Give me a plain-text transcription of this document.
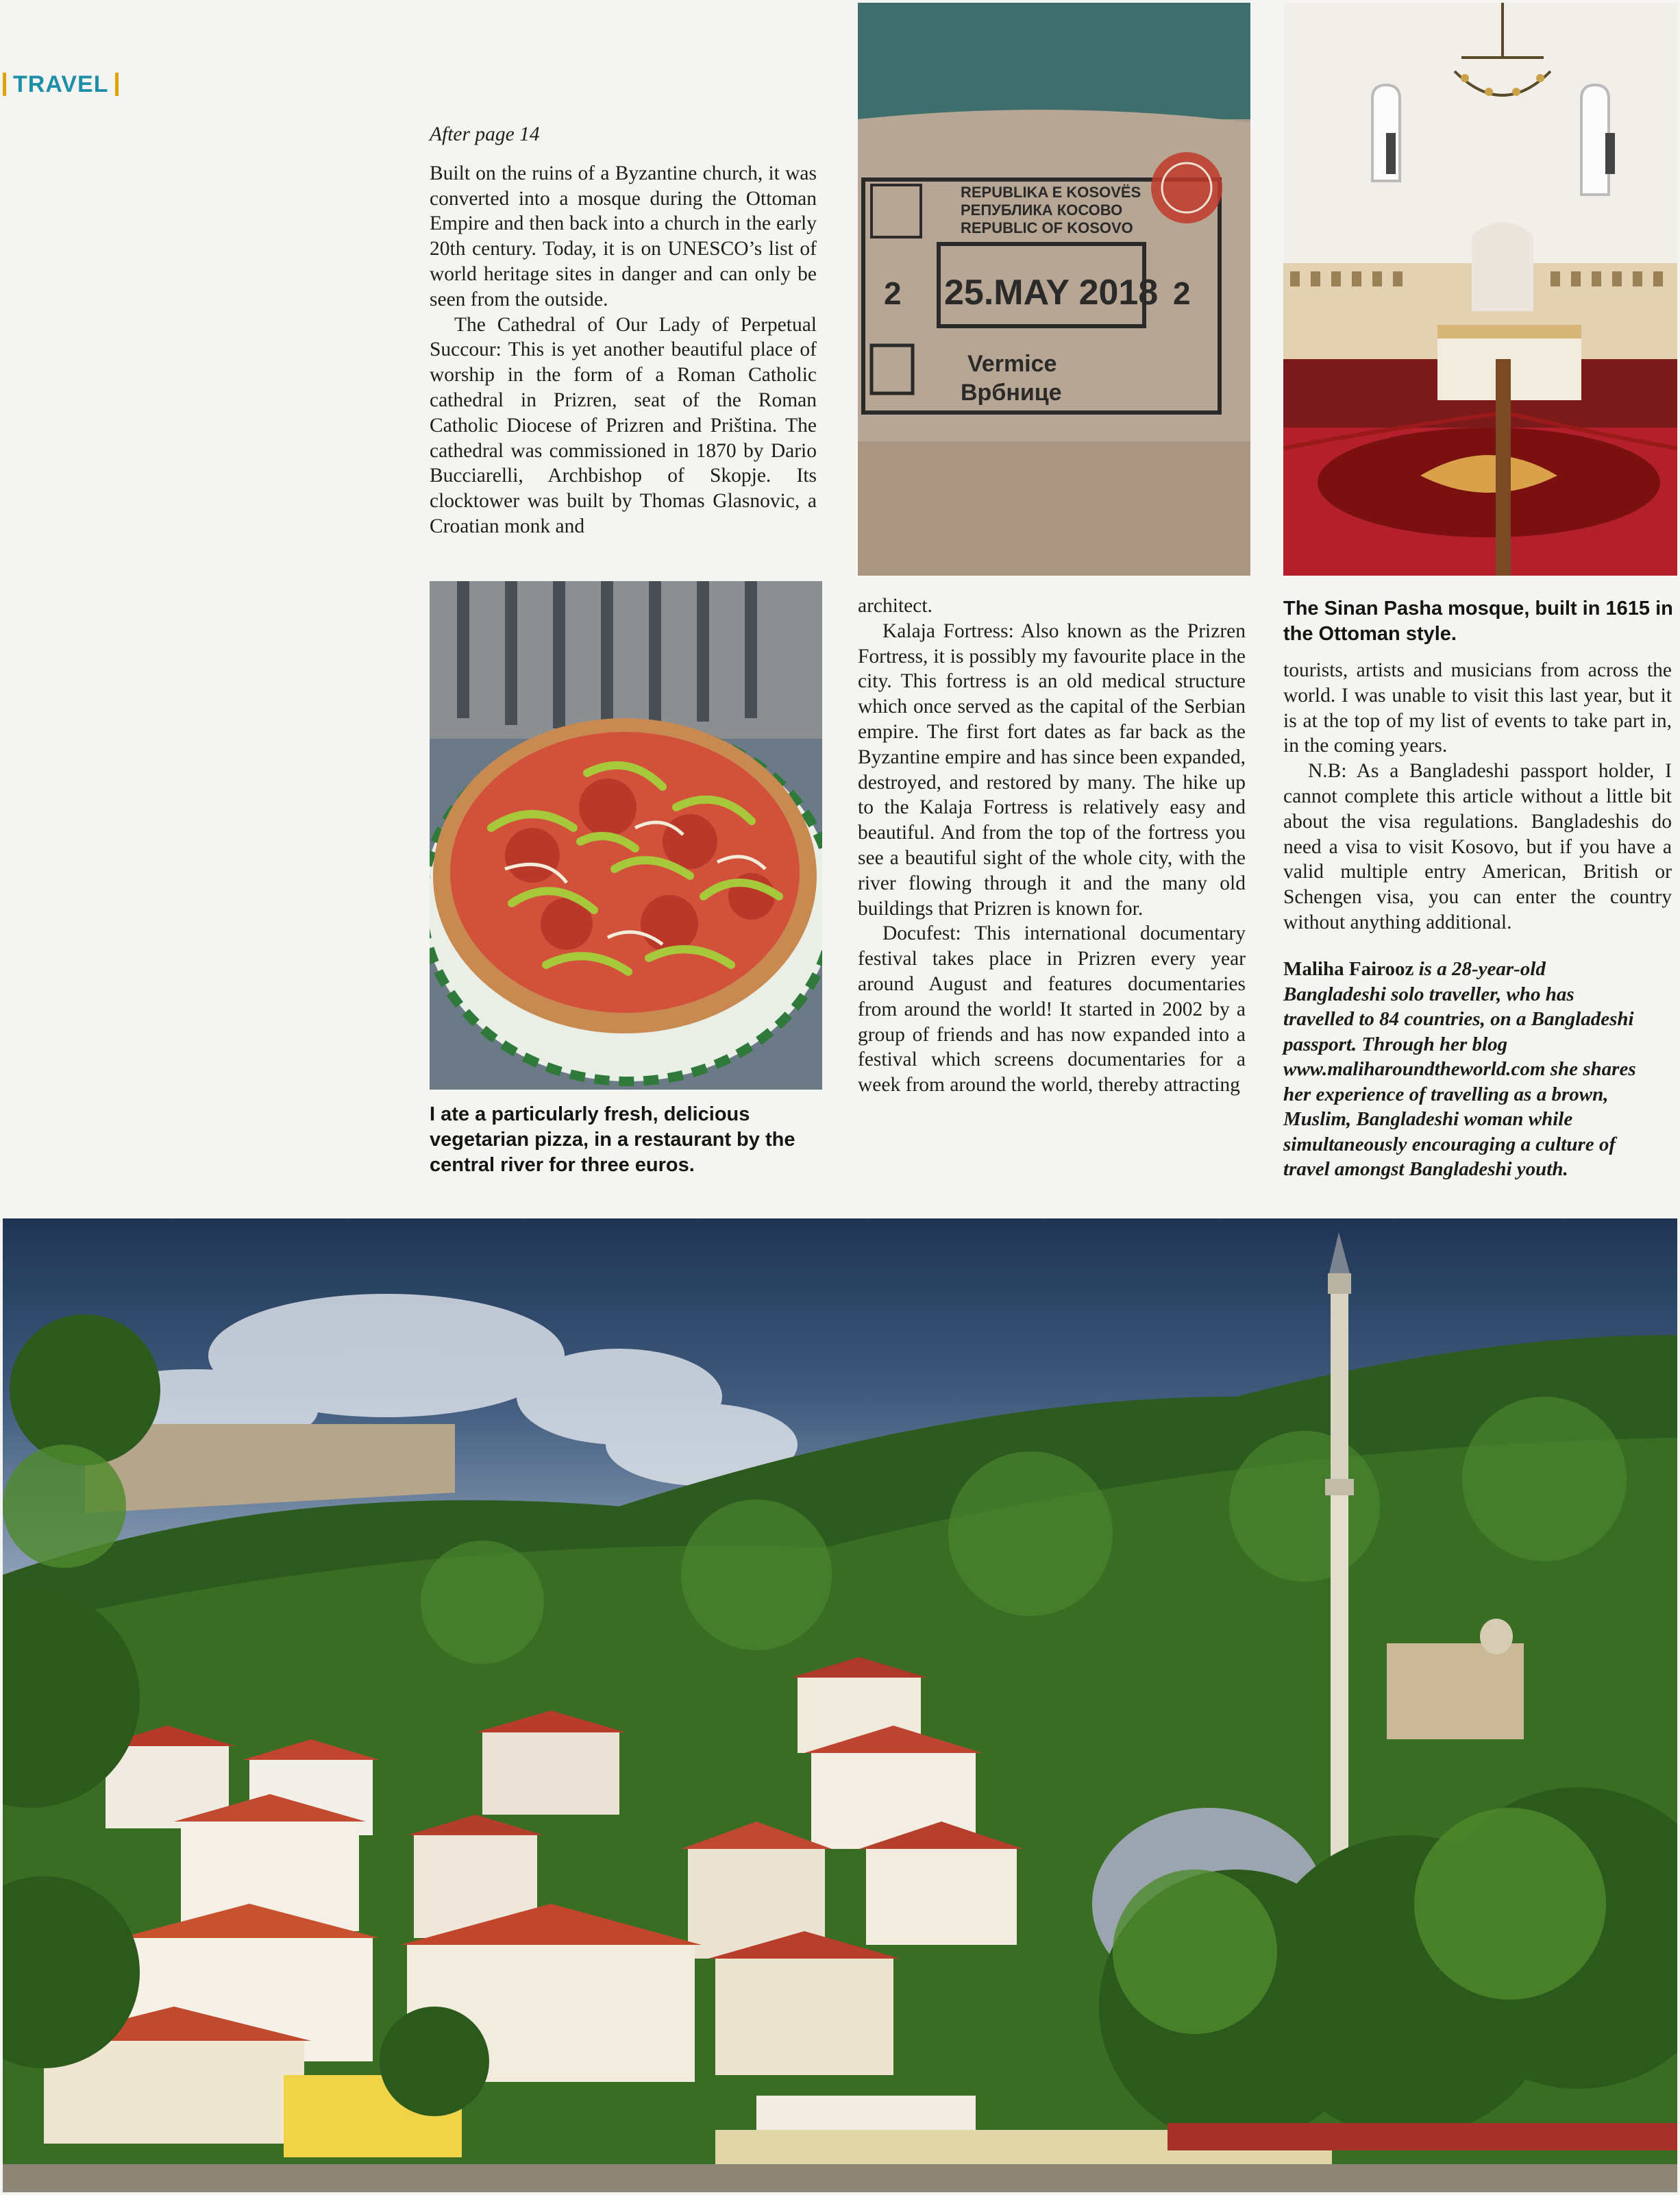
TRAVEL

After page 14

Built on the ruins of a Byzantine church, it was converted into a mosque during the Ottoman Empire and then back into a church in the early 20th century. Today, it is on UNESCO’s list of world heritage sites in danger and can only be seen from the outside.

The Cathedral of Our Lady of Perpetual Succour: This is yet another beautiful place of worship in the form of a Roman Catholic cathedral in Prizren, seat of the Roman Catholic Diocese of Prizren and Priština. The cathedral was commissioned in 1870 by Dario Bucciarelli, Archbishop of Skopje. Its clocktower was built by Thomas Glasnovic, a Croatian monk and

I ate a particularly fresh, delicious vegetarian pizza, in a restaurant by the central river for three euros.
REPUBLIKA E KOSOVËS
РЕПУБЛИКА КОСОВО
REPUBLIC OF KOSOVO
25.MAY 2018
2	2
Vermice
Врбнице

architect.

Kalaja Fortress: Also known as the Prizren Fortress, it is possibly my favourite place in the city. This fortress is an old medical structure which once served as the capital of the Serbian empire. The first fort dates as far back as the Byzantine empire and has since been expanded, destroyed, and restored by many. The hike up to the Kalaja Fortress is relatively easy and beautiful. And from the top of the fortress you see a beautiful sight of the whole city, with the river flowing through it and the many old buildings that Prizren is known for.

Docufest: This international documentary festival takes place in Prizren every year around August and features documentaries from around the world! It started in 2002 by a group of friends and has now expanded into a festival which screens documentaries for a week from around the world, thereby attracting

The Sinan Pasha mosque, built in 1615 in the Ottoman style.

tourists, artists and musicians from across the world. I was unable to visit this last year, but it is at the top of my list of events to take part in, in the coming years.

N.B: As a Bangladeshi passport holder, I cannot complete this article without a little bit about the visa regulations. Bangladeshis do need a visa to visit Kosovo, but if you have a valid multiple entry American, British or Schengen visa, you can enter the country without anything additional.

Maliha Fairooz is a 28-year-old Bangladeshi solo traveller, who has travelled to 84 countries, on a Bangladeshi passport. Through her blog www.maliharoundtheworld.com she shares her experience of travelling as a brown, Muslim, Bangladeshi woman while simultaneously encouraging a culture of travel amongst Bangladeshi youth.
